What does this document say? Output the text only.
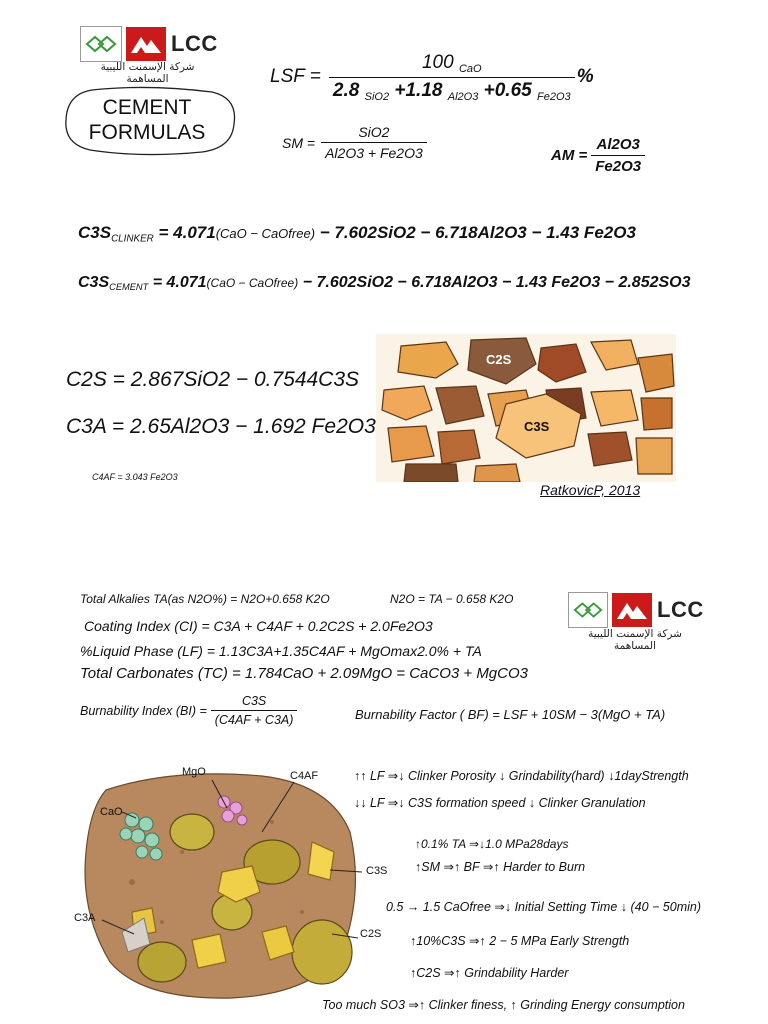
LCC
شركة الإسمنت الليبية المساهمة
CEMENT
FORMULAS
LSF = $\frac{100 _{CaO}}{2.8 _{SiO2} +1.18 _{Al2O3} +0.65 _{Fe2O3}}$ %
SM = $\frac{\text{SiO2}}{Al2O3 + Fe2O3}$	AM = $\frac{Al2O3}{Fe2O3}$
$C3S_{CLINKER} = 4.071(CaO$ − CaOfree) − 7.602SiO2 − 6.718Al2O3 − 1.43 Fe2O3
$C3S_{CEMENT} = 4.071(CaO$ − CaOfree) − 7.602SiO2 − 6.718Al2O3 − 1.43 Fe2O3 − 2.852SO3
C2S = 2.867SiO2 − 0.7544C3S
C3A = 2.65Al2O3 − 1.692 Fe2O3
C4AF = 3.043 Fe2O3
C2S
C3S
RatkovicP, 2013
LCC
شركة الإسمنت الليبية المساهمة
Total Alkalies TA(as N2O%) = N2O+0.658 K2O	N2O = TA − 0.658 K2O
Coating Index (CI) = C3A + C4AF + 0.2C2S + 2.0Fe2O3
%Liquid Phase (LF) = 1.13C3A+1.35C4AF + MgOmax2.0% + TA
Total Carbonates (TC) = 1.784CaO + 2.09MgO = CaCO3 + MgCO3
Burnability Index $(BI) = \frac{C3S}{(C4AF + C3A)}$	Burnability Factor ( BF) = LSF + 10SM − 3(MgO + TA)
MgO	C4AF
CaO
C3S
C3A
C2S
↑↑ LF ⇒↓ Clinker Porosity ↓ Grindability(hard) ↓1dayStrength
↓↓ LF ⇒↓ C3S formation speed ↓ Clinker Granulation
↑0.1% TA ⇒↓1.0 MPa28days
↑SM ⇒↑ BF ⇒↑ Harder to Burn
0.5 → 1.5 CaOfree ⇒↓ Initial Setting Time ↓ (40 − 50min)
↑10%C3S ⇒↑ 2 − 5 MPa Early Strength
↑C2S ⇒↑ Grindability Harder
Too much SO3 ⇒↑ Clinker finess, ↑ Grinding Energy consumption
